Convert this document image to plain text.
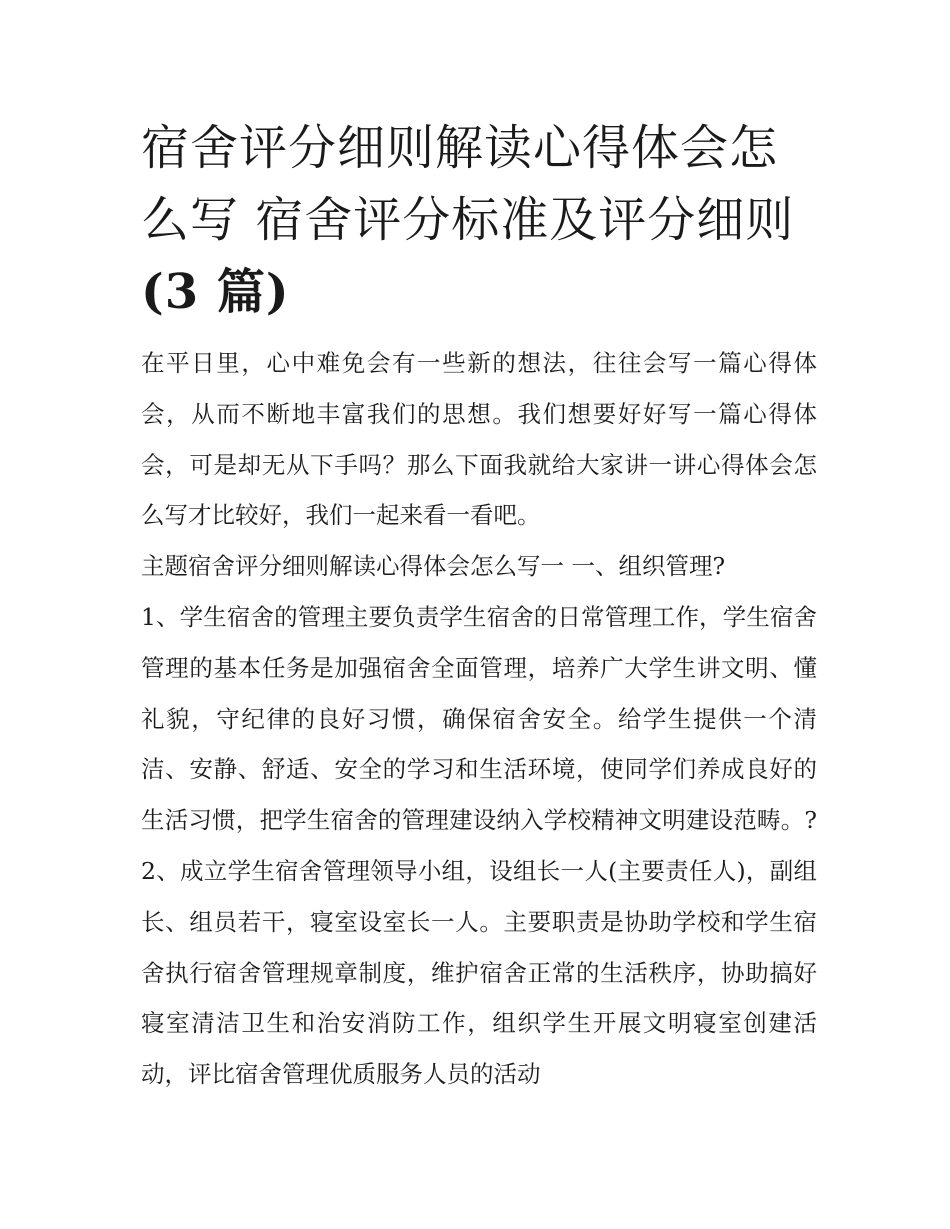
宿舍评分细则解读心得体会怎
么写 宿舍评分标准及评分细则
(3 篇)

在平日里，心中难免会有一些新的想法，往往会写一篇心得体会，从而不断地丰富我们的思想。我们想要好好写一篇心得体会，可是却无从下手吗？那么下面我就给大家讲一讲心得体会怎么写才比较好，我们一起来看一看吧。

主题宿舍评分细则解读心得体会怎么写一 一、组织管理?

1、学生宿舍的管理主要负责学生宿舍的日常管理工作，学生宿舍管理的基本任务是加强宿舍全面管理，培养广大学生讲文明、懂礼貌，守纪律的良好习惯，确保宿舍安全。给学生提供一个清洁、安静、舒适、安全的学习和生活环境，使同学们养成良好的生活习惯，把学生宿舍的管理建设纳入学校精神文明建设范畴。?2、成立学生宿舍管理领导小组，设组长一人(主要责任人)，副组长、组员若干，寝室设室长一人。主要职责是协助学校和学生宿舍执行宿舍管理规章制度，维护宿舍正常的生活秩序，协助搞好寝室清洁卫生和治安消防工作，组织学生开展文明寝室创建活动，评比宿舍管理优质服务人员的活动
